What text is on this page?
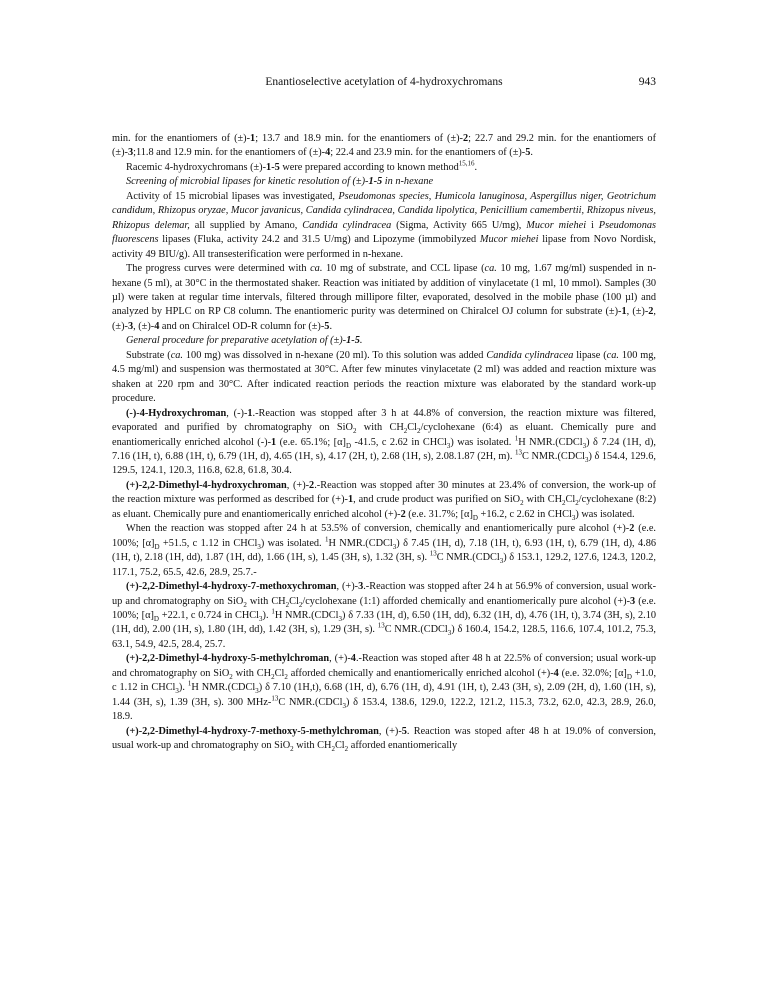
Enantioselective acetylation of 4-hydroxychromans	943

min. for the enantiomers of (±)-1; 13.7 and 18.9 min. for the enantiomers of (±)-2; 22.7 and 29.2 min. for the enantiomers of (±)-3;11.8 and 12.9 min. for the enantiomers of (±)-4; 22.4 and 23.9 min. for the enantiomers of (±)-5.

Racemic 4-hydroxychromans (±)-1-5 were prepared according to known method$^{15,16}$.

Screening of microbial lipases for kinetic resolution of (±)-1-5 in n-hexane

Activity of 15 microbial lipases was investigated, Pseudomonas species, Humicola lanuginosa, Aspergillus niger, Geotrichum candidum, Rhizopus oryzae, Mucor javanicus, Candida cylindracea, Candida lipolytica, Penicillium camembertii, Rhizopus niveus, Rhizopus delemar, all supplied by Amano, Candida cylindracea (Sigma, Activity 665 U/mg), Mucor miehei i Pseudomonas fluorescens lipases (Fluka, activity 24.2 and 31.5 U/mg) and Lipozyme (immobilyzed Mucor miehei lipase from Novo Nordisk, activity 49 BIU/g). All transesterification were performed in n-hexane.

The progress curves were determined with ca. 10 mg of substrate, and CCL lipase (ca. 10 mg, 1.67 mg/ml) suspended in n-hexane (5 ml), at 30°C in the thermostated shaker. Reaction was initiated by addition of vinylacetate (1 ml, 10 mmol). Samples (30 µl) were taken at regular time intervals, filtered through millipore filter, evaporated, desolved in the mobile phase (100 µl) and analyzed by HPLC on RP C8 column. The enantiomeric purity was determined on Chiralcel OJ column for substrate (±)-1, (±)-2, (±)-3, (±)-4 and on Chiralcel OD-R column for (±)-5.

General procedure for preparative acetylation of (±)-1-5.

Substrate (ca. 100 mg) was dissolved in n-hexane (20 ml). To this solution was added Candida cylindracea lipase (ca. 100 mg, 4.5 mg/ml) and suspension was thermostated at 30°C. After few minutes vinylacetate (2 ml) was added and reaction mixture was shaken at 220 rpm and 30°C. After indicated reaction periods the reaction mixture was elaborated by the standard work-up procedure.

(-)-4-Hydroxychroman, (-)-1.-Reaction was stopped after 3 h at 44.8% of conversion, the reaction mixture was filtered, evaporated and purified by chromatography on SiO$_2$ with $CH_2Cl_2$/cyclohexane (6:4) as eluant. Chemically pure and enantiomerically enriched alcohol (-)-1 (e.e. 65.1%; $[\alpha]_D$ -41.5, c 2.62 in CHCl$_3$) was isolated. $^1$H NMR.(CDCl$_3$) δ 7.24 (1H, d), 7.16 (1H, t), 6.88 (1H, t), 6.79 (1H, d), 4.65 (1H, s), 4.17 (2H, t), 2.68 (1H, s), 2.08.1.87 (2H, m). $^{13}$C NMR.(CDCl$_3$) δ 154.4, 129.6, 129.5, 124.1, 120.3, 116.8, 62.8, 61.8, 30.4.

(+)-2,2-Dimethyl-4-hydroxychroman, (+)-2.-Reaction was stopped after 30 minutes at 23.4% of conversion, the work-up of the reaction mixture was performed as described for (+)-1, and crude product was purified on SiO$_2$ with $CH_2Cl_2$/cyclohexane (8:2) as eluant. Chemically pure and enantiomerically enriched alcohol (+)-2 (e.e. 31.7%; $[\alpha]_D +16.2$, c 2.62 in CHCl$_3$) was isolated.

When the reaction was stopped after 24 h at 53.5% of conversion, chemically and enantiomerically pure alcohol (+)-2 (e.e. 100%; $[\alpha]_D +51.5$, c 1.12 in CHCl$_3$) was isolated. $^1$H NMR.(CDCl$_3$) δ 7.45 (1H, d), 7.18 (1H, t), 6.93 (1H, t), 6.79 (1H, d), 4.86 (1H, t), 2.18 (1H, dd), 1.87 (1H, dd), 1.66 (1H, s), 1.45 (3H, s), 1.32 (3H, s). $^{13}$C NMR.(CDCl$_3$) δ 153.1, 129.2, 127.6, 124.3, 120.2, 117.1, 75.2, 65.5, 42.6, 28.9, 25.7.-

(+)-2,2-Dimethyl-4-hydroxy-7-methoxychroman, (+)-3.-Reaction was stopped after 24 h at 56.9% of conversion, usual work-up and chromatography on SiO$_2$ with $CH_2Cl_2$/cyclohexane (1:1) afforded chemically and enantiomerically pure alcohol (+)-3 (e.e. 100%; $[\alpha]_D +22.1$, c 0.724 in CHCl$_3$). $^1$H NMR.(CDCl$_3$) δ 7.33 (1H, d), 6.50 (1H, dd), 6.32 (1H, d), 4.76 (1H, t), 3.74 (3H, s), 2.10 (1H, dd), 2.00 (1H, s), 1.80 (1H, dd), 1.42 (3H, s), 1.29 (3H, s). $^{13}$C NMR.(CDCl$_3$) δ 160.4, 154.2, 128.5, 116.6, 107.4, 101.2, 75.3, 63.1, 54.9, 42.5, 28.4, 25.7.

(+)-2,2-Dimethyl-4-hydroxy-5-methylchroman, (+)-4.-Reaction was stoped after 48 h at 22.5% of conversion; usual work-up and chromatography on SiO$_2$ with $CH_2Cl_2$ afforded chemically and enantiomerically enriched alcohol (+)-4 (e.e. 32.0%; $[\alpha]_D +1.0$, c 1.12 in CHCl$_3$). $^1$H NMR.(CDCl$_3$) δ 7.10 (1H,t), 6.68 (1H, d), 6.76 (1H, d), 4.91 (1H, t), 2.43 (3H, s), 2.09 (2H, d), 1.60 (1H, s), 1.44 (3H, s), 1.39 (3H, s). 300 MHz-$^{13}$C NMR.(CDCl$_3$) δ 153.4, 138.6, 129.0, 122.2, 121.2, 115.3, 73.2, 62.0, 42.3, 28.9, 26.0, 18.9.

(+)-2,2-Dimethyl-4-hydroxy-7-methoxy-5-methylchroman, (+)-5. Reaction was stoped after 48 h at 19.0% of conversion, usual work-up and chromatography on SiO$_2$ with $CH_2Cl_2$ afforded enantiomerically
